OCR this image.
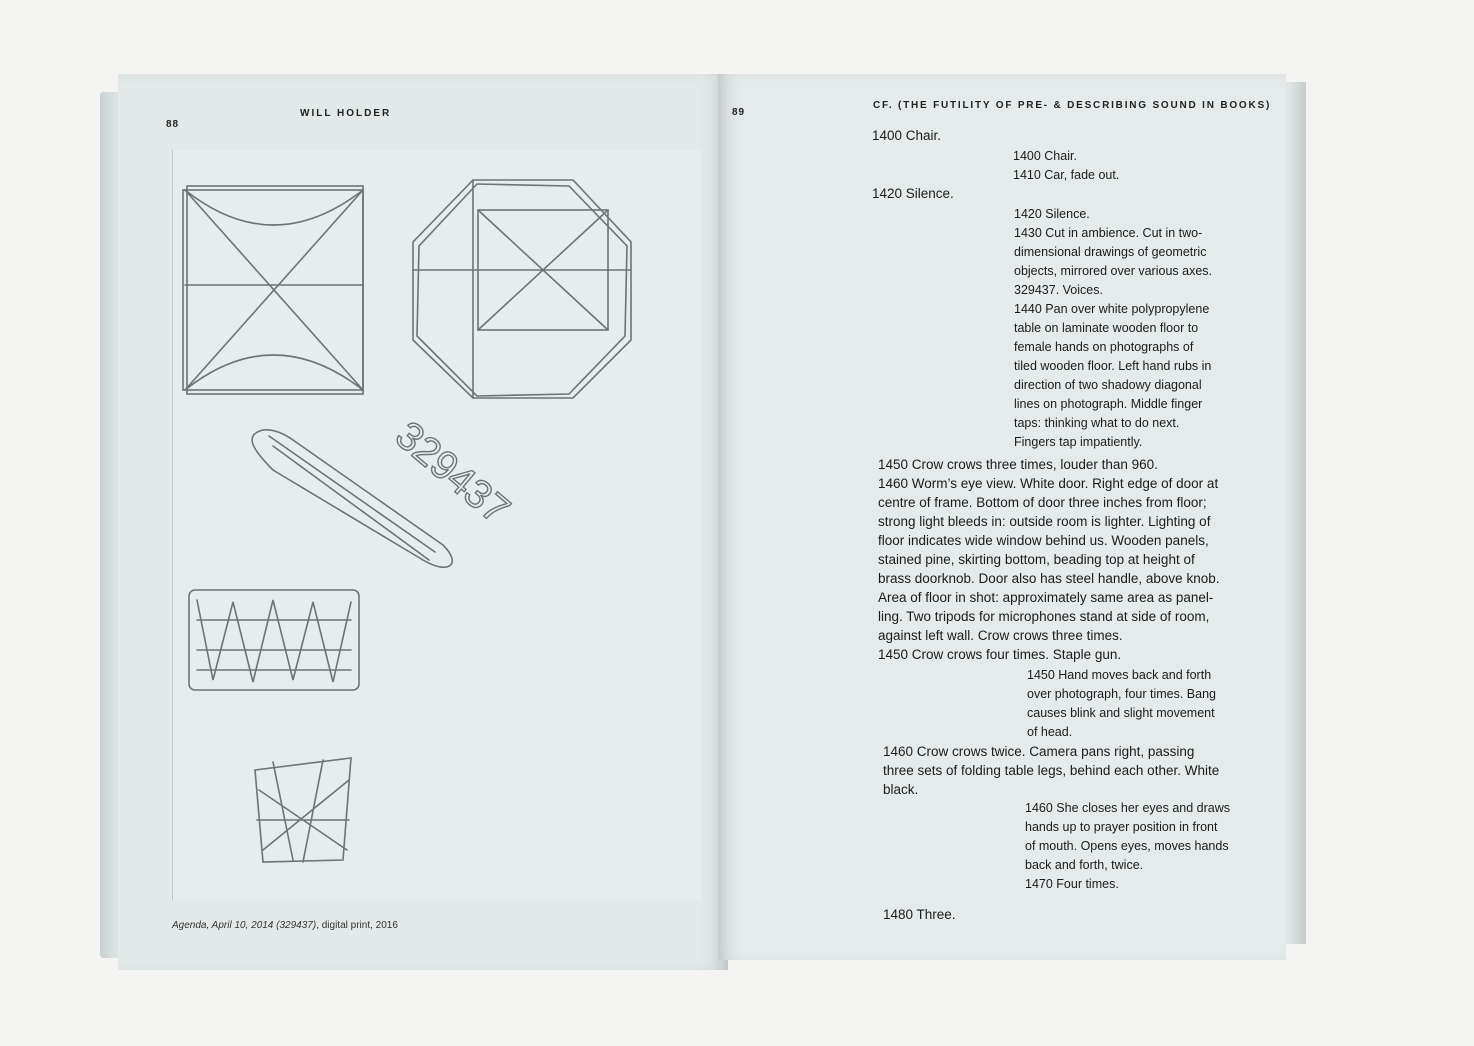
88
WILL HOLDER
329437
Agenda, April 10, 2014 (329437), digital print, 2016
89
CF. (THE FUTILITY OF PRE- & DESCRIBING SOUND IN BOOKS)

1400 Chair.

1400 Chair.
1410 Car, fade out.

1420 Silence.

1420 Silence.
1430 Cut in ambience. Cut in two-
dimensional drawings of geometric
objects, mirrored over various axes.
329437. Voices.
1440 Pan over white polypropylene
table on laminate wooden floor to
female hands on photographs of
tiled wooden floor. Left hand rubs in
direction of two shadowy diagonal
lines on photograph. Middle finger
taps: thinking what to do next.
Fingers tap impatiently.

1450 Crow crows three times, louder than 960.
1460 Worm’s eye view. White door. Right edge of door at
centre of frame. Bottom of door three inches from floor;
strong light bleeds in: outside room is lighter. Lighting of
floor indicates wide window behind us. Wooden panels,
stained pine, skirting bottom, beading top at height of
brass doorknob. Door also has steel handle, above knob.
Area of floor in shot: approximately same area as panel-
ling. Two tripods for microphones stand at side of room,
against left wall. Crow crows three times.
1450 Crow crows four times. Staple gun.

1450 Hand moves back and forth
over photograph, four times. Bang
causes blink and slight movement
of head.

1460 Crow crows twice. Camera pans right, passing
three sets of folding table legs, behind each other. White
black.

1460 She closes her eyes and draws
hands up to prayer position in front
of mouth. Opens eyes, moves hands
back and forth, twice.
1470 Four times.

1480 Three.
